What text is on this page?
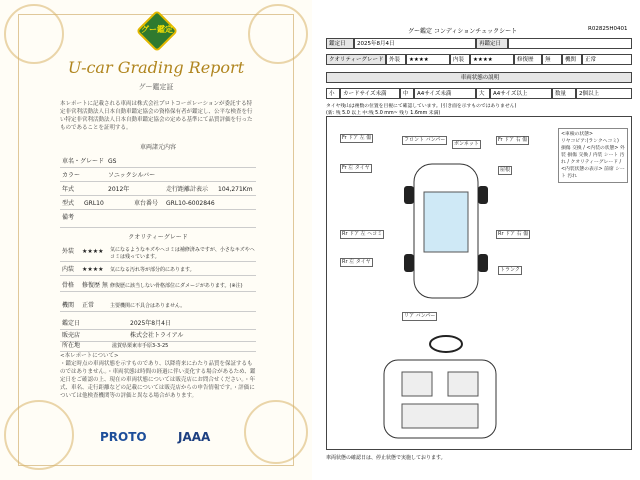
グー鑑定
U-car Grading Report
グー鑑定証
本レポートに記載される車両は株式会社プロトコーポレーションが委託する特定非営利活動法人日本自動車鑑定協会の資格保有者が鑑定し、公平な検査を行い特定非営利活動法人日本自動車鑑定協会の定める基準にて品質評価を行ったものであることを証明する。
車両諸元内容
車名・グレード GS
カラー	ソニックシルバー
年式	2012年	走行距離計表示 104,271Km
型式 GRL10	車台番号 GRL10-6002846
備考
クオリティーグレード
外装 ★★★★ 気になるようなキズやヘコミは補修済みですが、小さなキズやヘコミは残っています。
内装 ★★★★ 気になる汚れ等が部分的にあります。
骨格 修復歴 無 修復歴に該当しない骨格部位にダメージがあります。(※注)
機関 正常	主要機関に不具合はありません。
鑑定日	2025年8月4日
販売店	株式会社トライアル
所在地	滋賀県栗東市手原3-3-25
<本レポートについて>
・鑑定時点の車両状態を示すものであり、以降将来にわたり品質を保証するものではありません。・車両状態は時間の経過に伴い変化する場合があるため、鑑定日をご確認の上、現在の車両状態については販売店にお問合せください。・年式、車名、走行距離などの記載については販売店からの申告情報です。・評価については他検査機関等の評価と異なる場合があります。
PROTO	JAAA
グー鑑定 コンディションチェックシート	R02825H0401
鑑定日	2025年8月4日	再鑑定日
クオリティーグレード	外装	★★★★	内装	★★★★	修復歴	無	機関	正常
車両状態の説明
小	カードサイズ未満	中	A4サイズ未満	大	A4サイズ以上	数量	2個以上
タイヤ残山は複数の位置を目視にて確認しています。(引き面を示すものではありません)
(新: 残 5.0 以上 中:残 5.0 mm~ 残り 1.6mm 未満)
Fr ドア 左 傷
Fr 左 タイヤ
Rr ドア 左 ヘコミ
Rr 左 タイヤ
フロント バンパー
リア バンパー
Fr ドア 右 傷
Rr ドア 右 傷
ボンネット
屋根
トランク
<車検の状態>
リヤコピア:(ランクヘコミ) 損傷 交換 / <内装の状態> 外装 損傷 交換 / 内装 シート 汚れ / クオリティーグレード / <内装状態の表示> 前席 シート 汚れ
車両状態の確認日は、停止状態で実施しております。
